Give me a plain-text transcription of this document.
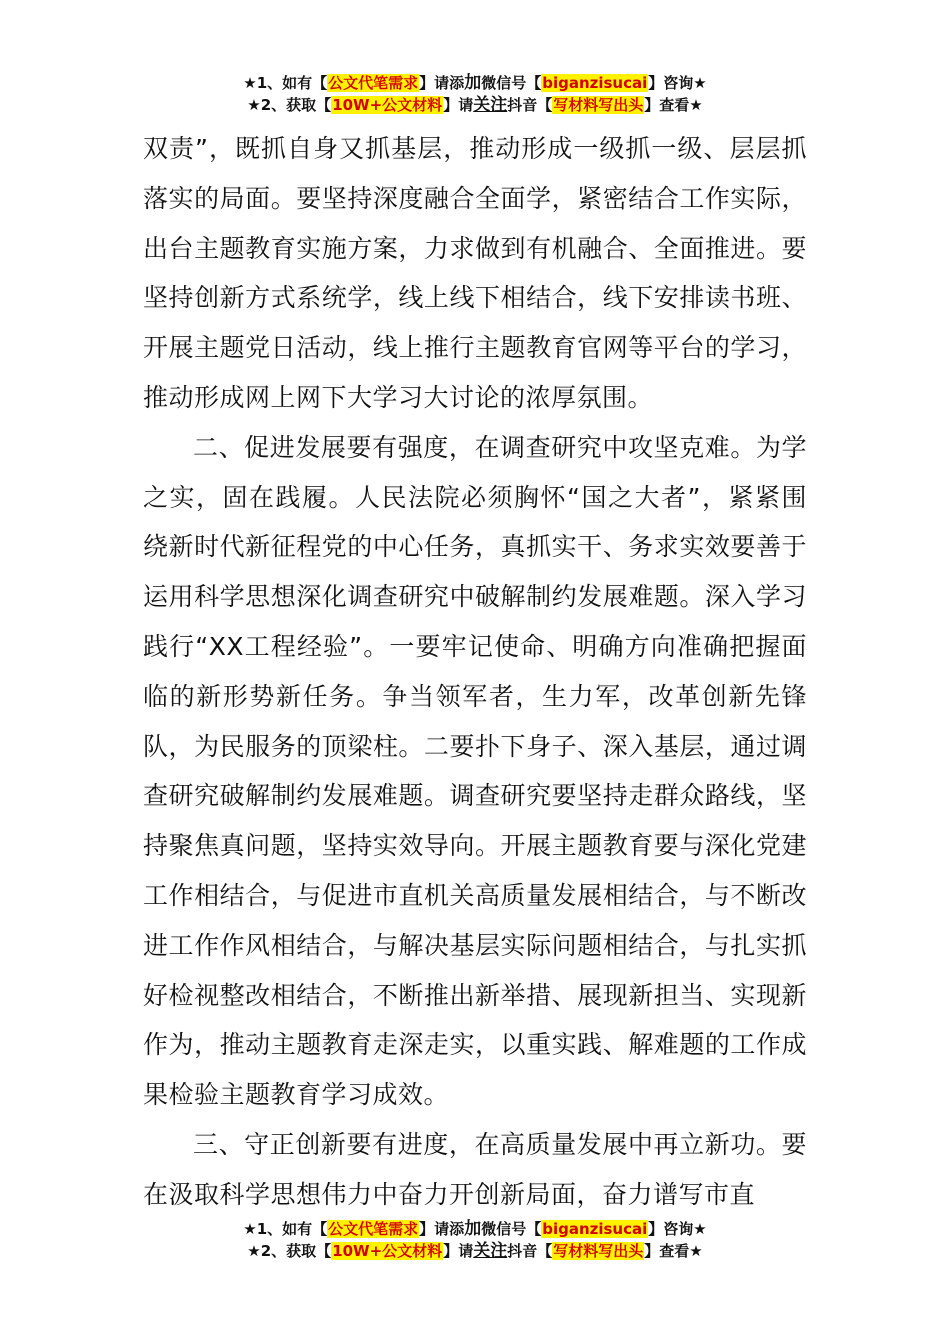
★1、如有【公文代笔需求】请添加微信号【biganzisucai】咨询★
★2、获取【10W+公文材料】请关注抖音【写材料写出头】查看★

双责”，既抓自身又抓基层，推动形成一级抓一级、层层抓落实的局面。要坚持深度融合全面学，紧密结合工作实际，出台主题教育实施方案，力求做到有机融合、全面推进。要坚持创新方式系统学，线上线下相结合，线下安排读书班、开展主题党日活动，线上推行主题教育官网等平台的学习，推动形成网上网下大学习大讨论的浓厚氛围。

二、促进发展要有强度，在调查研究中攻坚克难。为学之实，固在践履。人民法院必须胸怀“国之大者”，紧紧围绕新时代新征程党的中心任务，真抓实干、务求实效要善于运用科学思想深化调查研究中破解制约发展难题。深入学习践行“XX工程经验”。一要牢记使命、明确方向准确把握面临的新形势新任务。争当领军者，生力军，改革创新先锋队，为民服务的顶梁柱。二要扑下身子、深入基层，通过调查研究破解制约发展难题。调查研究要坚持走群众路线，坚持聚焦真问题，坚持实效导向。开展主题教育要与深化党建工作相结合，与促进市直机关高质量发展相结合，与不断改进工作作风相结合，与解决基层实际问题相结合，与扎实抓好检视整改相结合，不断推出新举措、展现新担当、实现新作为，推动主题教育走深走实，以重实践、解难题的工作成果检验主题教育学习成效。

三、守正创新要有进度，在高质量发展中再立新功。要在汲取科学思想伟力中奋力开创新局面，奋力谱写市直

★1、如有【公文代笔需求】请添加微信号【biganzisucai】咨询★
★2、获取【10W+公文材料】请关注抖音【写材料写出头】查看★
